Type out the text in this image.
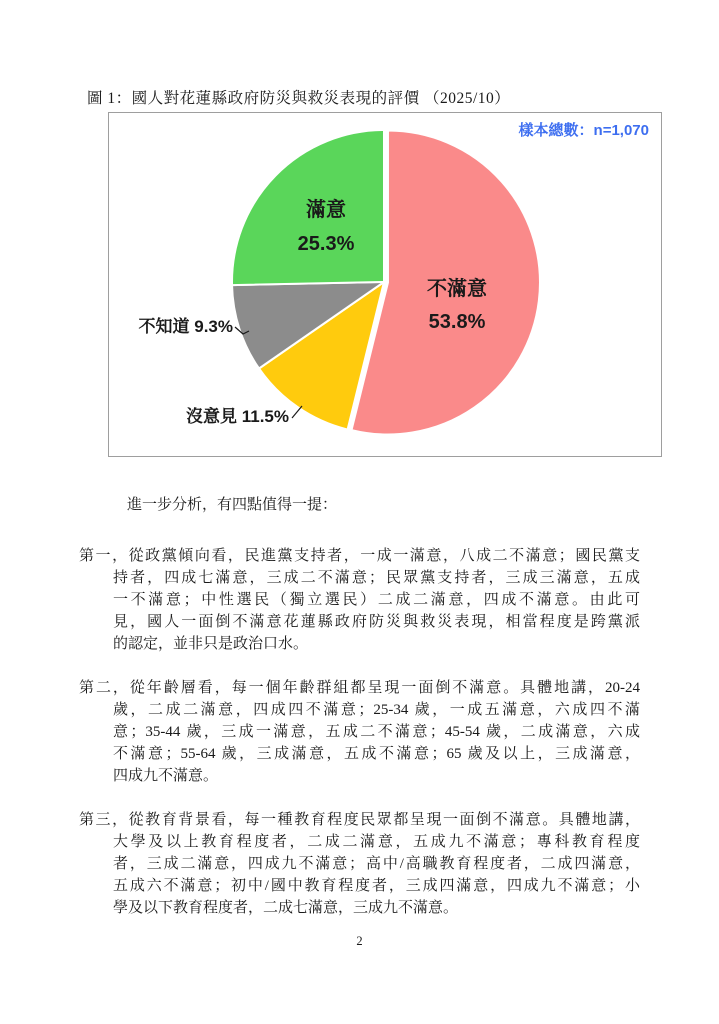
圖 1：國人對花蓮縣政府防災與救災表現的評價 （2025/10）
不滿意
53.8%
沒意見 11.5%
不知道 9.3%
滿意
25.3%
樣本總數：n=1,070
進一步分析，有四點值得一提：
第一，從政黨傾向看，民進黨支持者，一成一滿意，八成二不滿意；國民黨支
持者，四成七滿意，三成二不滿意；民眾黨支持者，三成三滿意，五成
一不滿意；中性選民（獨立選民）二成二滿意，四成不滿意。由此可
見，國人一面倒不滿意花蓮縣政府防災與救災表現，相當程度是跨黨派
的認定，並非只是政治口水。
第二，從年齡層看，每一個年齡群組都呈現一面倒不滿意。具體地講，20-24
歲，二成二滿意，四成四不滿意；25-34 歲，一成五滿意，六成四不滿
意；35-44 歲，三成一滿意，五成二不滿意；45-54 歲，二成滿意，六成
不滿意；55-64 歲，三成滿意，五成不滿意；65 歲及以上，三成滿意，
四成九不滿意。
第三，從教育背景看，每一種教育程度民眾都呈現一面倒不滿意。具體地講，
大學及以上教育程度者，二成二滿意，五成九不滿意；專科教育程度
者，三成二滿意，四成九不滿意；高中/高職教育程度者，二成四滿意，
五成六不滿意；初中/國中教育程度者，三成四滿意，四成九不滿意；小
學及以下教育程度者，二成七滿意，三成九不滿意。
2
